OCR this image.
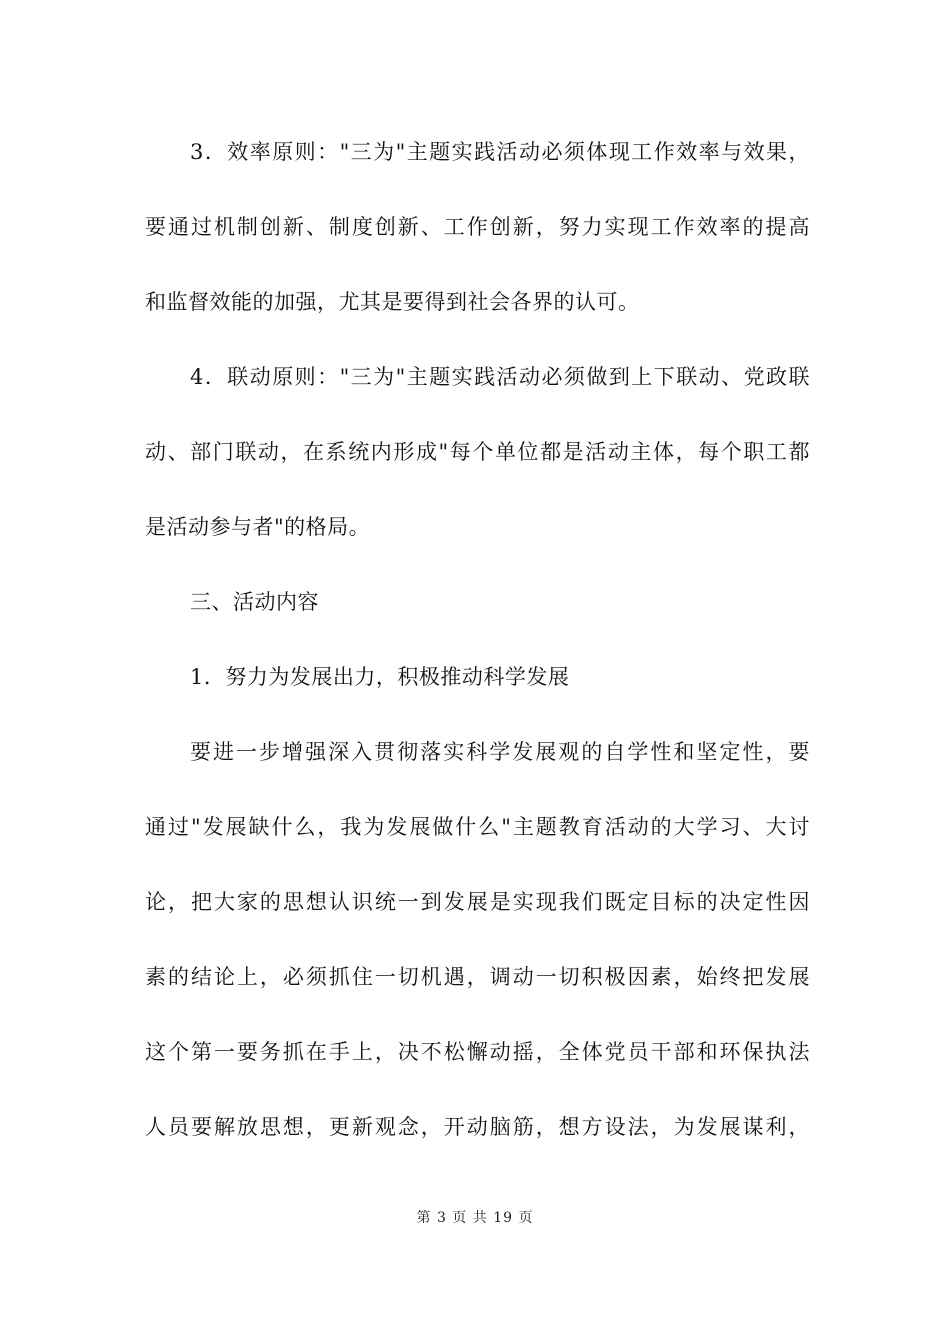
3．效率原则："三为"主题实践活动必须体现工作效率与效果，
要通过机制创新、制度创新、工作创新，努力实现工作效率的提高
和监督效能的加强，尤其是要得到社会各界的认可。
4．联动原则："三为"主题实践活动必须做到上下联动、党政联
动、部门联动，在系统内形成"每个单位都是活动主体，每个职工都
是活动参与者"的格局。
三、活动内容
1．努力为发展出力，积极推动科学发展
要进一步增强深入贯彻落实科学发展观的自学性和坚定性，要
通过"发展缺什么，我为发展做什么"主题教育活动的大学习、大讨
论，把大家的思想认识统一到发展是实现我们既定目标的决定性因
素的结论上，必须抓住一切机遇，调动一切积极因素，始终把发展
这个第一要务抓在手上，决不松懈动摇，全体党员干部和环保执法
人员要解放思想，更新观念，开动脑筋，想方设法，为发展谋利，
第 3 页 共 19 页
